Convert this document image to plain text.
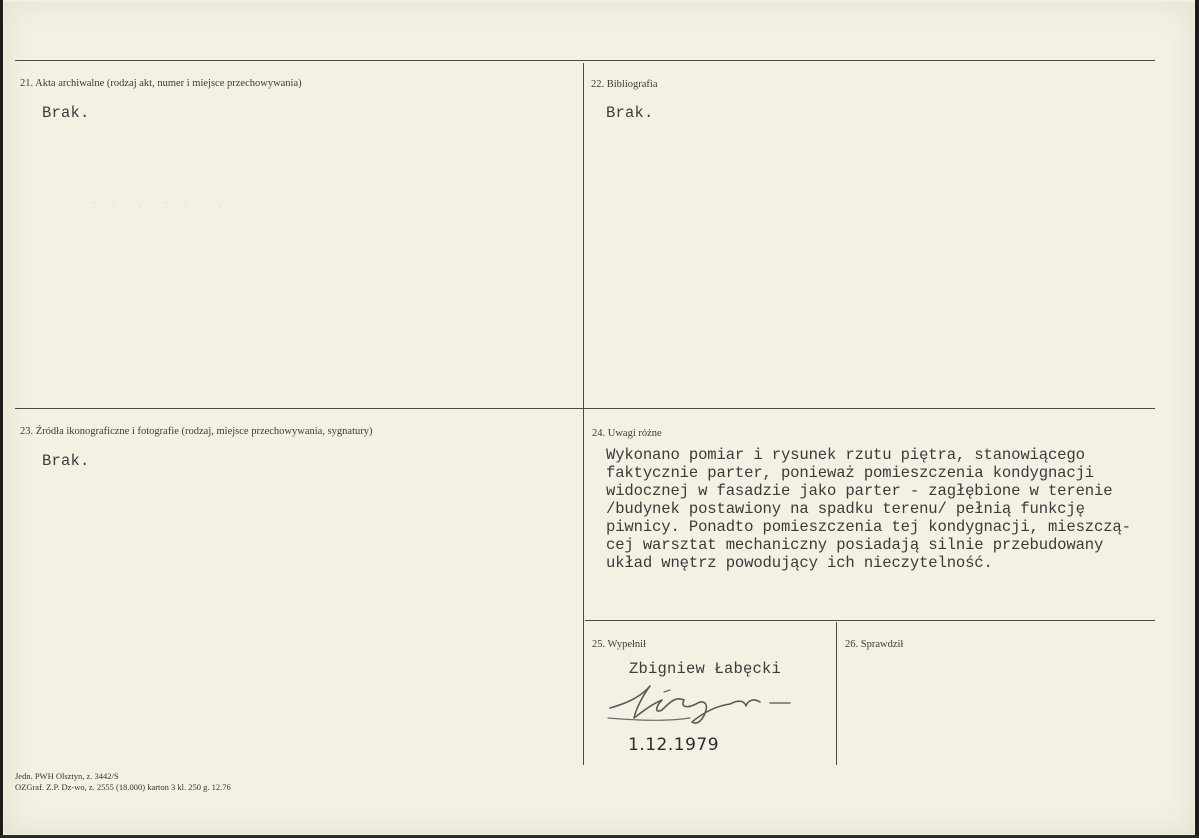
- -  .  - -   .
21. Akta archiwalne (rodzaj akt, numer i miejsce przechowywania)
Brak.
22. Bibliografia
Brak.
23. Źródła ikonograficzne i fotografie (rodzaj, miejsce przechowywania, sygnatury)
Brak.
24. Uwagi różne
Wykonano pomiar i rysunek rzutu piętra, stanowiącego
faktycznie parter, ponieważ pomieszczenia kondygnacji
widocznej w fasadzie jako parter - zagłębione w terenie
/budynek postawiony na spadku terenu/ pełnią funkcję
piwnicy. Ponadto pomieszczenia tej kondygnacji, mieszczą-
cej warsztat mechaniczny posiadają silnie przebudowany
układ wnętrz powodujący ich nieczytelność.
25. Wypełnił
Zbigniew Łabęcki
1.12.1979
26. Sprawdził
Jedn. PWH Olsztyn, z. 3442/S
OZGraf. Z.P. Dz-wo, z. 2555 (18.000) karton 3 kl. 250 g. 12.76
